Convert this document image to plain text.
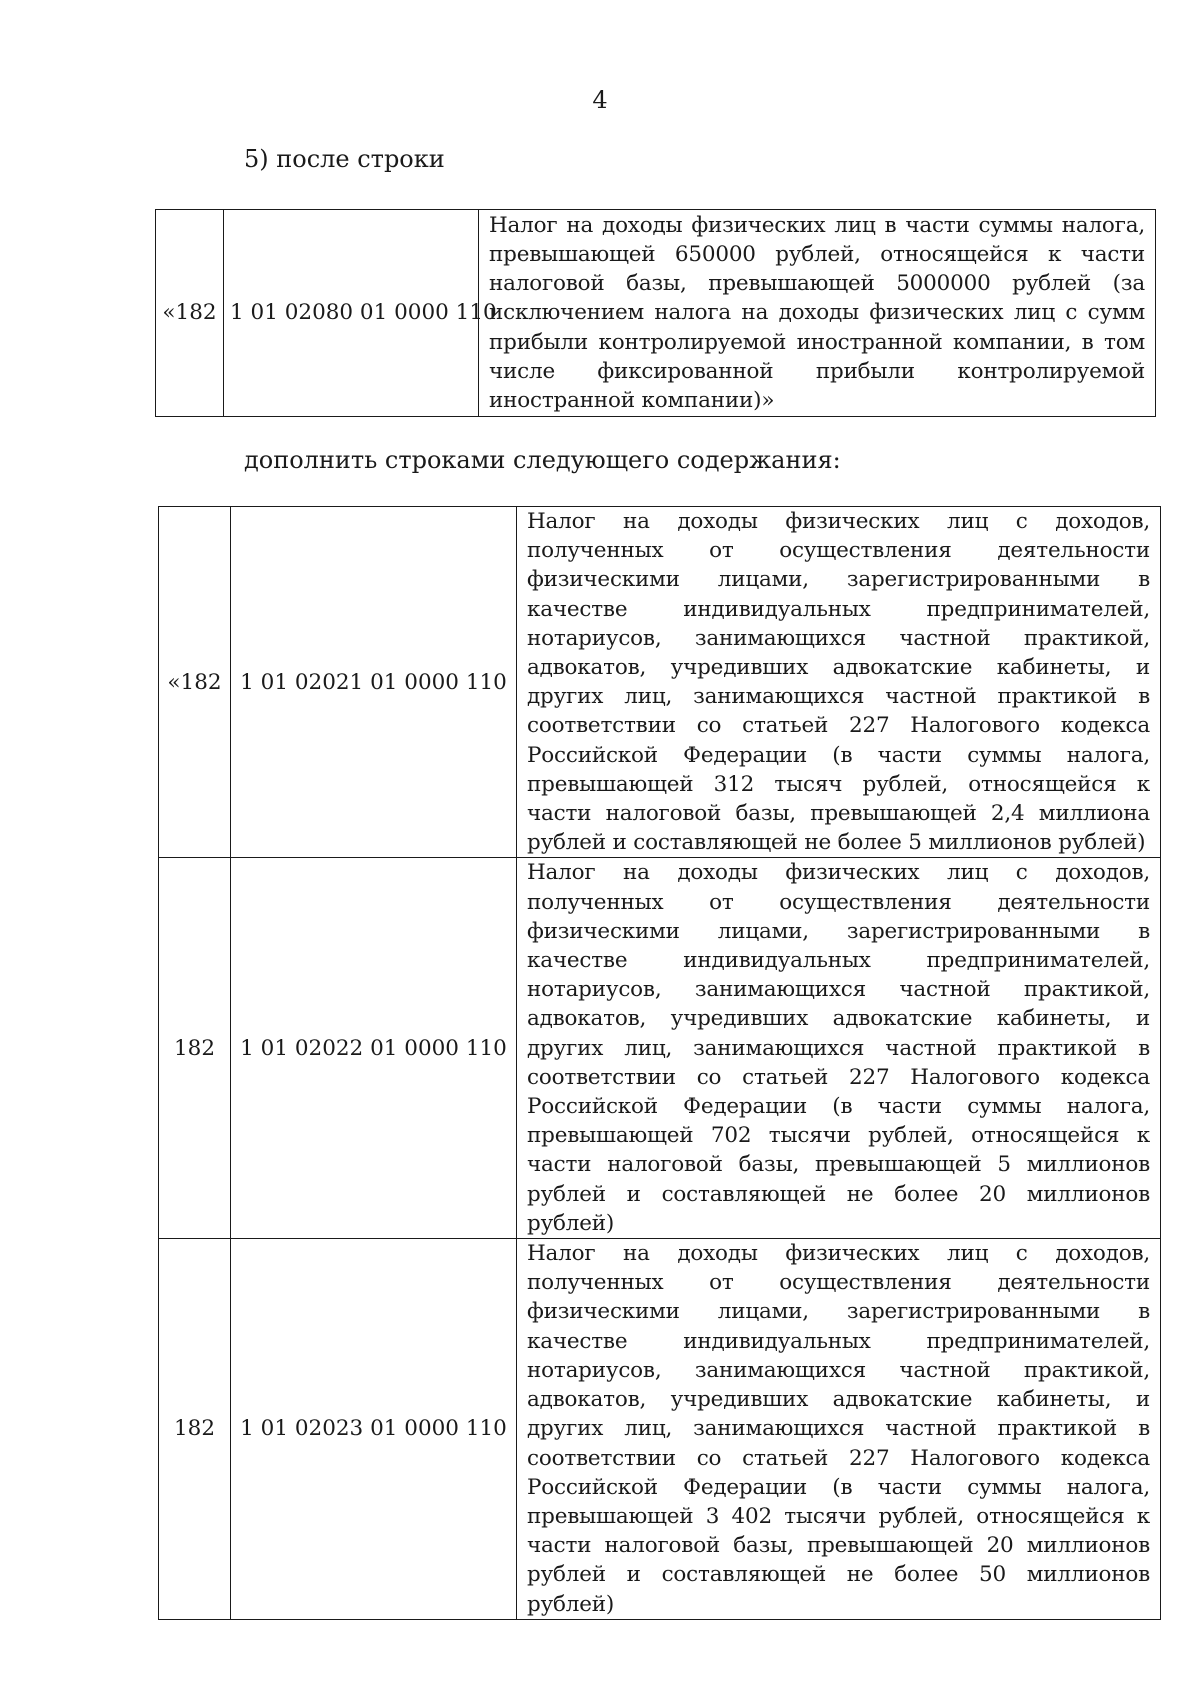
4
5) после строки
«182	1 01 02080 01 0000 110	Налог на доходы физических лиц в части суммы налога, превышающей 650000 рублей, относящейся к части налоговой базы, превышающей 5000000 рублей (за исключением налога на доходы физических лиц с сумм прибыли контролируемой иностранной компании, в том числе фиксированной прибыли контролируемой иностранной компании)»
дополнить строками следующего содержания:
«182	1 01 02021 01 0000 110	Налог на доходы физических лиц с доходов, полученных от осуществления деятельности физическими лицами, зарегистрированными в качестве индивидуальных предпринимателей, нотариусов, занимающихся частной практикой, адвокатов, учредивших адвокатские кабинеты, и других лиц, занимающихся частной практикой в соответствии со статьей 227 Налогового кодекса Российской Федерации (в части суммы налога, превышающей 312 тысяч рублей, относящейся к части налоговой базы, превышающей 2,4 миллиона рублей и составляющей не более 5 миллионов рублей)
182	1 01 02022 01 0000 110	Налог на доходы физических лиц с доходов, полученных от осуществления деятельности физическими лицами, зарегистрированными в качестве индивидуальных предпринимателей, нотариусов, занимающихся частной практикой, адвокатов, учредивших адвокатские кабинеты, и других лиц, занимающихся частной практикой в соответствии со статьей 227 Налогового кодекса Российской Федерации (в части суммы налога, превышающей 702 тысячи рублей, относящейся к части налоговой базы, превышающей 5 миллионов рублей и составляющей не более 20 миллионов рублей)
182	1 01 02023 01 0000 110	Налог на доходы физических лиц с доходов, полученных от осуществления деятельности физическими лицами, зарегистрированными в качестве индивидуальных предпринимателей, нотариусов, занимающихся частной практикой, адвокатов, учредивших адвокатские кабинеты, и других лиц, занимающихся частной практикой в соответствии со статьей 227 Налогового кодекса Российской Федерации (в части суммы налога, превышающей 3 402 тысячи рублей, относящейся к части налоговой базы, превышающей 20 миллионов рублей и составляющей не более 50 миллионов рублей)
